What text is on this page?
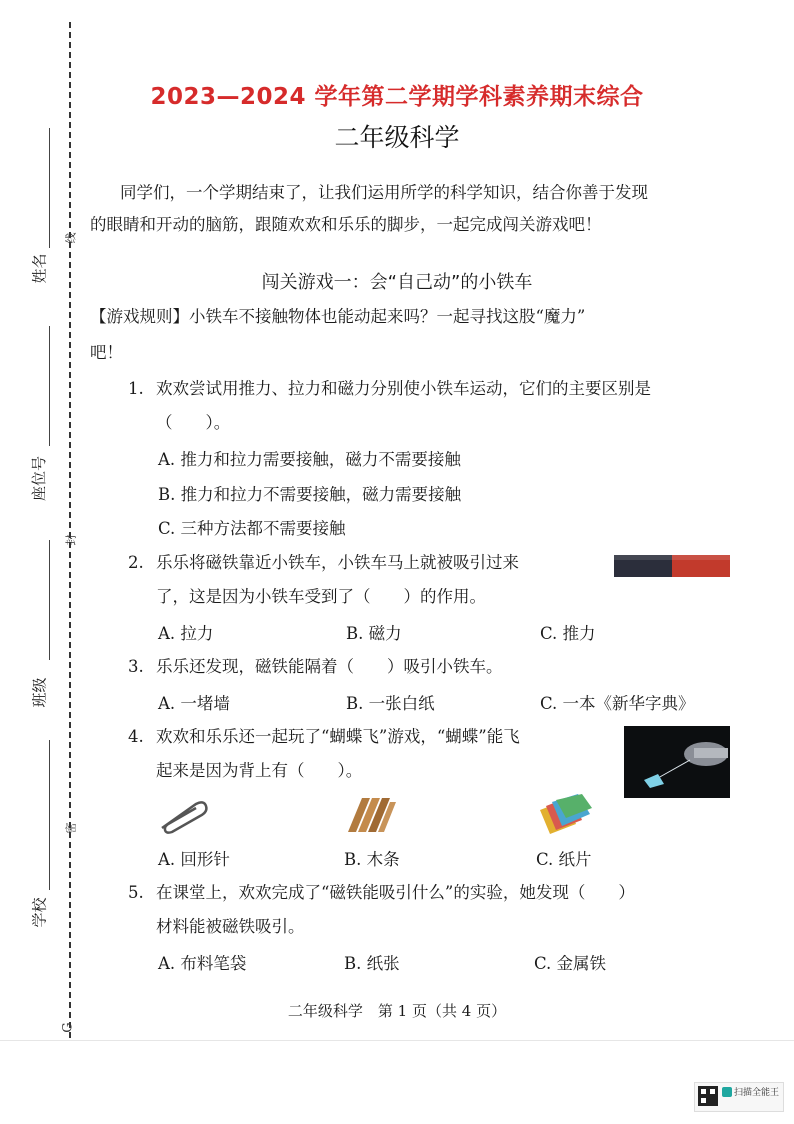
姓名
线
座位号
封
班级
学校
密
G
2023—2024 学年第二学期学科素养期末综合
二年级科学
同学们，一个学期结束了，让我们运用所学的科学知识，结合你善于发现
的眼睛和开动的脑筋，跟随欢欢和乐乐的脚步，一起完成闯关游戏吧！
闯关游戏一：会“自己动”的小铁车
【游戏规则】小铁车不接触物体也能动起来吗？一起寻找这股“魔力”
吧！
1. 欢欢尝试用推力、拉力和磁力分别使小铁车运动，它们的主要区别是
（　　）。
A. 推力和拉力需要接触，磁力不需要接触
B. 推力和拉力不需要接触，磁力需要接触
C. 三种方法都不需要接触
2. 乐乐将磁铁靠近小铁车，小铁车马上就被吸引过来
了，这是因为小铁车受到了（　　）的作用。
A. 拉力	B. 磁力	C. 推力
3. 乐乐还发现，磁铁能隔着（　　）吸引小铁车。
A. 一堵墙	B. 一张白纸	C. 一本《新华字典》
4. 欢欢和乐乐还一起玩了“蝴蝶飞”游戏，“蝴蝶”能飞
起来是因为背上有（　　）。
A. 回形针	B. 木条	C. 纸片
5. 在课堂上，欢欢完成了“磁铁能吸引什么”的实验，她发现（　　）
材料能被磁铁吸引。
A. 布料笔袋	B. 纸张	C. 金属铁
二年级科学　第 1 页（共 4 页）
扫描全能王
